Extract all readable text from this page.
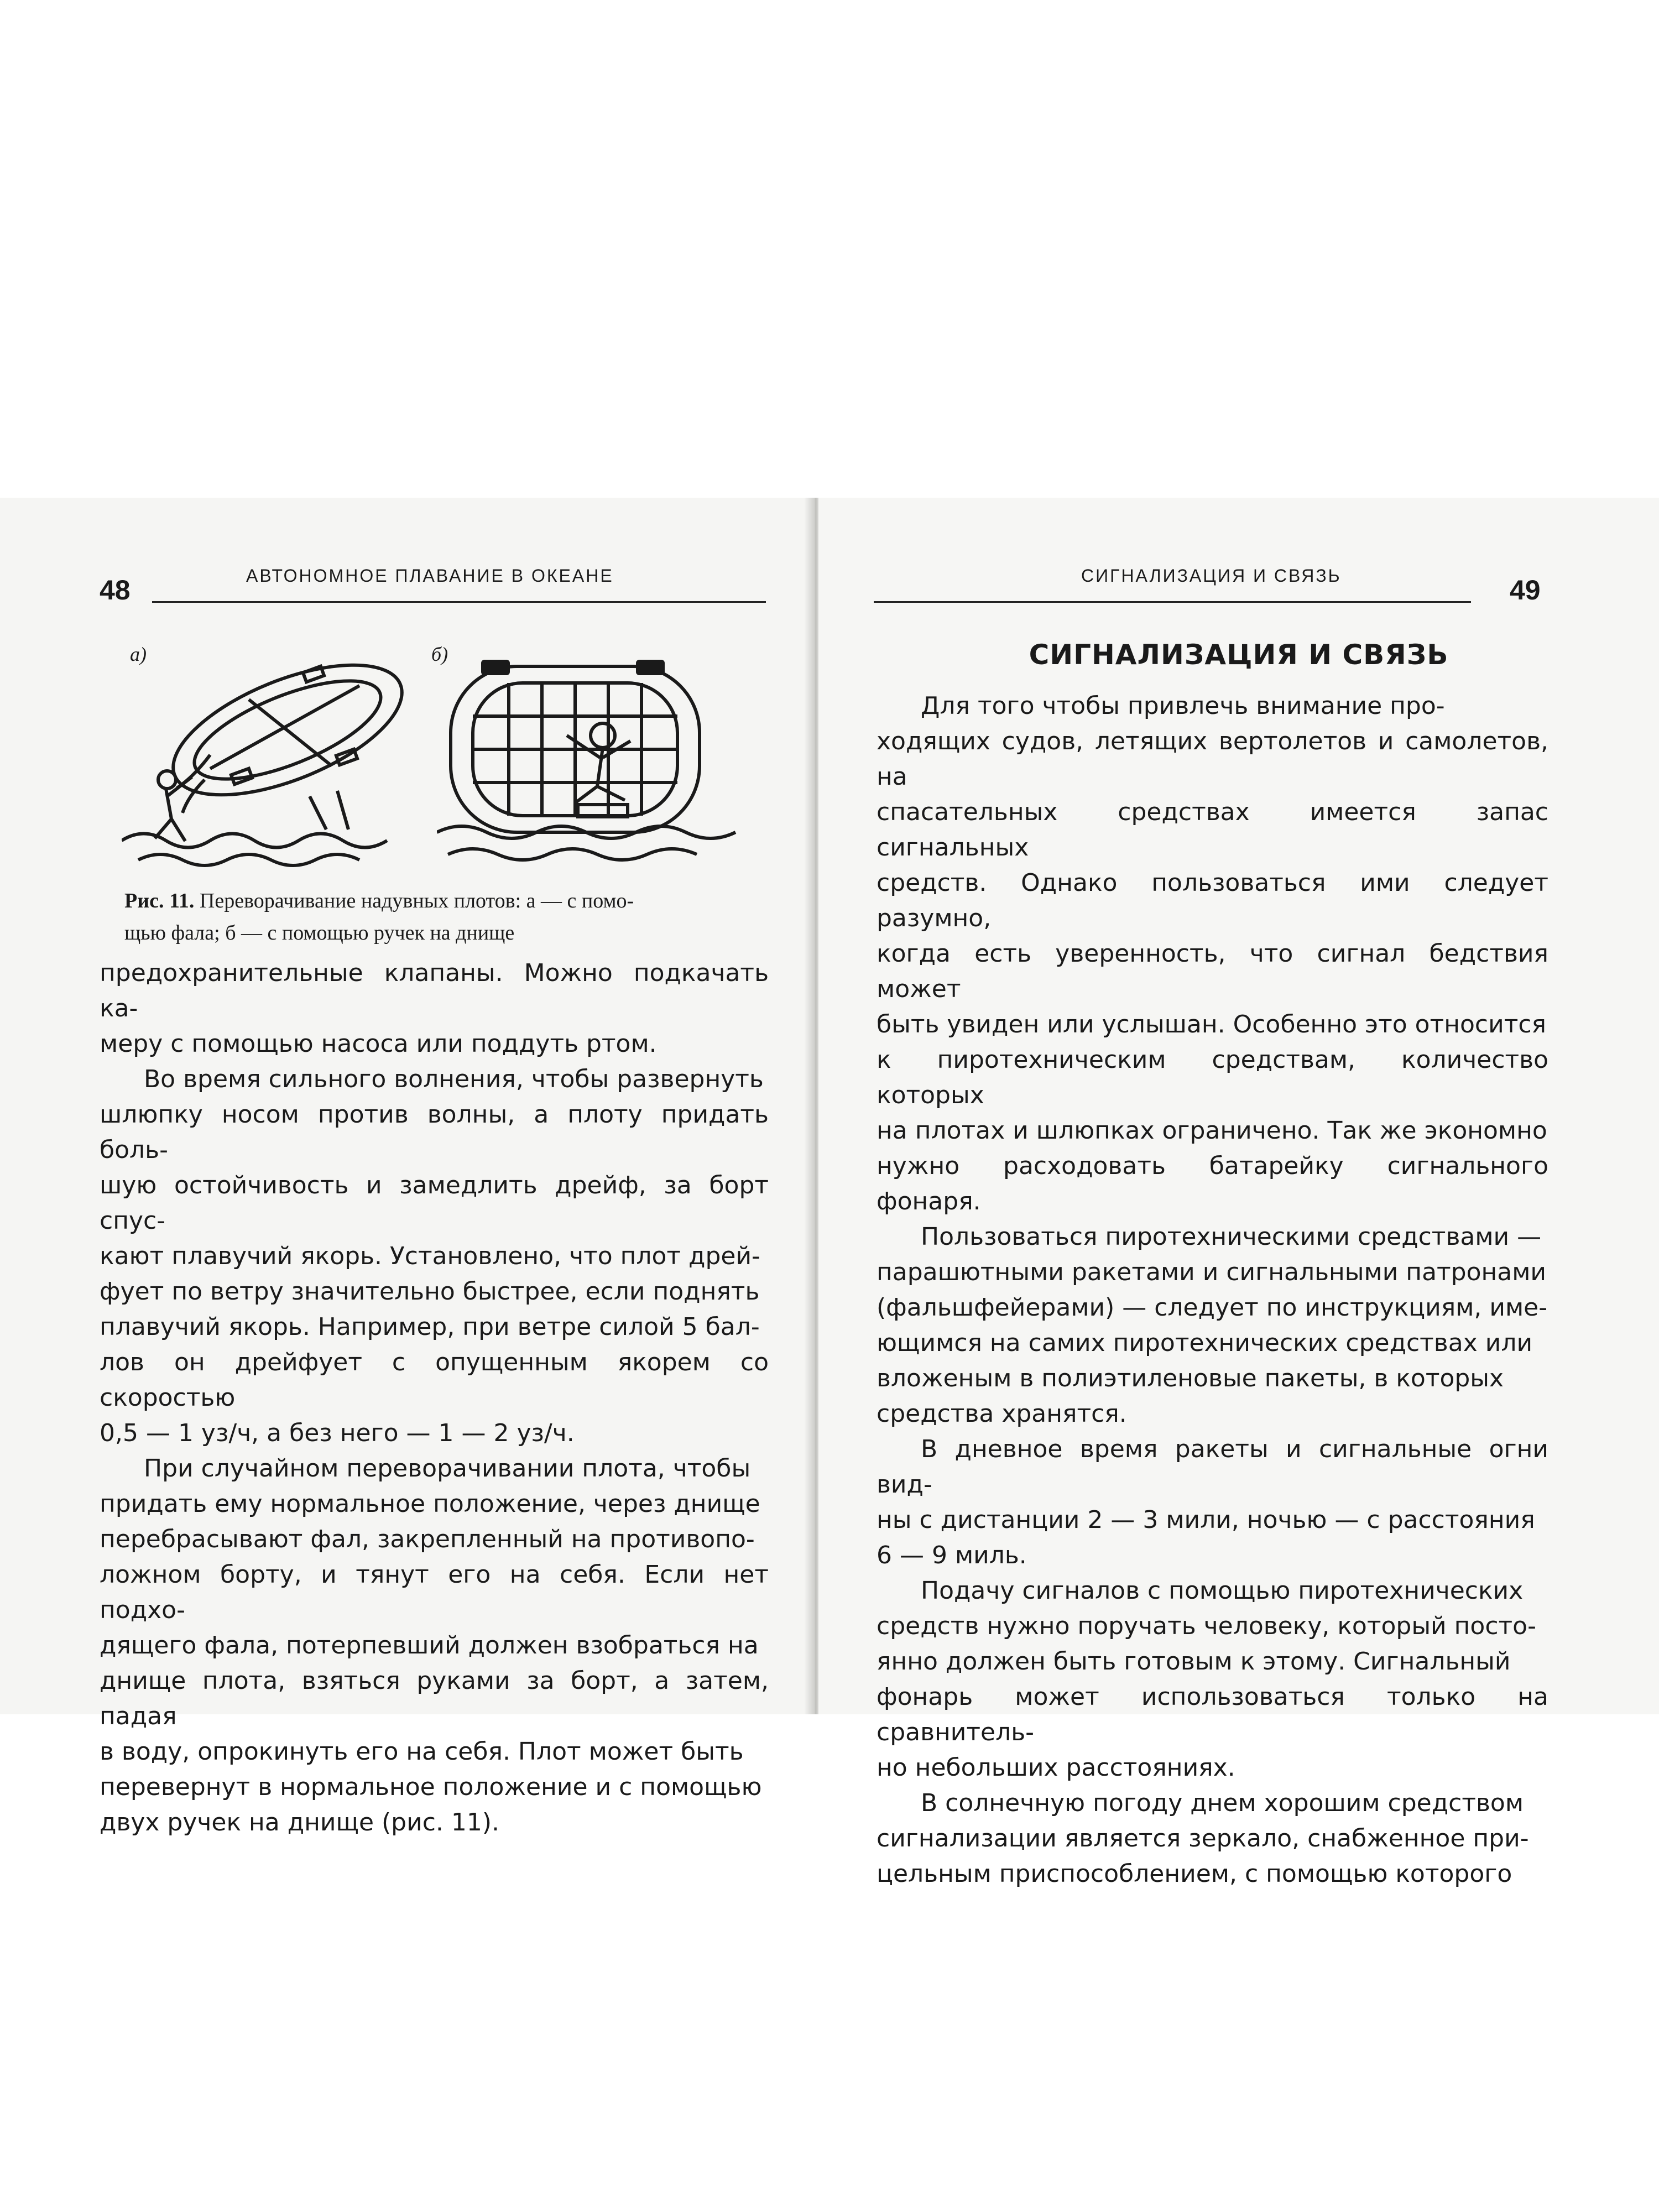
48	АВТОНОМНОЕ ПЛАВАНИЕ В ОКЕАНЕ
а)	б)
Рис. 11. Переворачивание надувных плотов: а — с помо-
щью фала; б — с помощью ручек на днище

предохранительные клапаны. Можно подкачать ка-
меру с помощью насоса или поддуть ртом.

Во время сильного волнения, чтобы развернуть
шлюпку носом против волны, а плоту придать боль-
шую остойчивость и замедлить дрейф, за борт спус-
кают плавучий якорь. Установлено, что плот дрей-
фует по ветру значительно быстрее, если поднять
плавучий якорь. Например, при ветре силой 5 бал-
лов он дрейфует с опущенным якорем со скоростью
0,5 — 1 уз/ч, а без него — 1 — 2 уз/ч.

При случайном переворачивании плота, чтобы
придать ему нормальное положение, через днище
перебрасывают фал, закрепленный на противопо-
ложном борту, и тянут его на себя. Если нет подхо-
дящего фала, потерпевший должен взобраться на
днище плота, взяться руками за борт, а затем, падая
в воду, опрокинуть его на себя. Плот может быть
перевернут в нормальное положение и с помощью
двух ручек на днище (рис. 11).

СИГНАЛИЗАЦИЯ И СВЯЗЬ	49
СИГНАЛИЗАЦИЯ И СВЯЗЬ

Для того чтобы привлечь внимание про-
ходящих судов, летящих вертолетов и самолетов, на
спасательных средствах имеется запас сигнальных
средств. Однако пользоваться ими следует разумно,
когда есть уверенность, что сигнал бедствия может
быть увиден или услышан. Особенно это относится
к пиротехническим средствам, количество которых
на плотах и шлюпках ограничено. Так же экономно
нужно расходовать батарейку сигнального фонаря.

Пользоваться пиротехническими средствами —
парашютными ракетами и сигнальными патронами
(фальшфейерами) — следует по инструкциям, име-
ющимся на самих пиротехнических средствах или
вложеным в полиэтиленовые пакеты, в которых
средства хранятся.

В дневное время ракеты и сигнальные огни вид-
ны с дистанции 2 — 3 мили, ночью — с расстояния
6 — 9 миль.

Подачу сигналов с помощью пиротехнических
средств нужно поручать человеку, который посто-
янно должен быть готовым к этому. Сигнальный
фонарь может использоваться только на сравнитель-
но небольших расстояниях.

В солнечную погоду днем хорошим средством
сигнализации является зеркало, снабженное при-
цельным приспособлением, с помощью которого
